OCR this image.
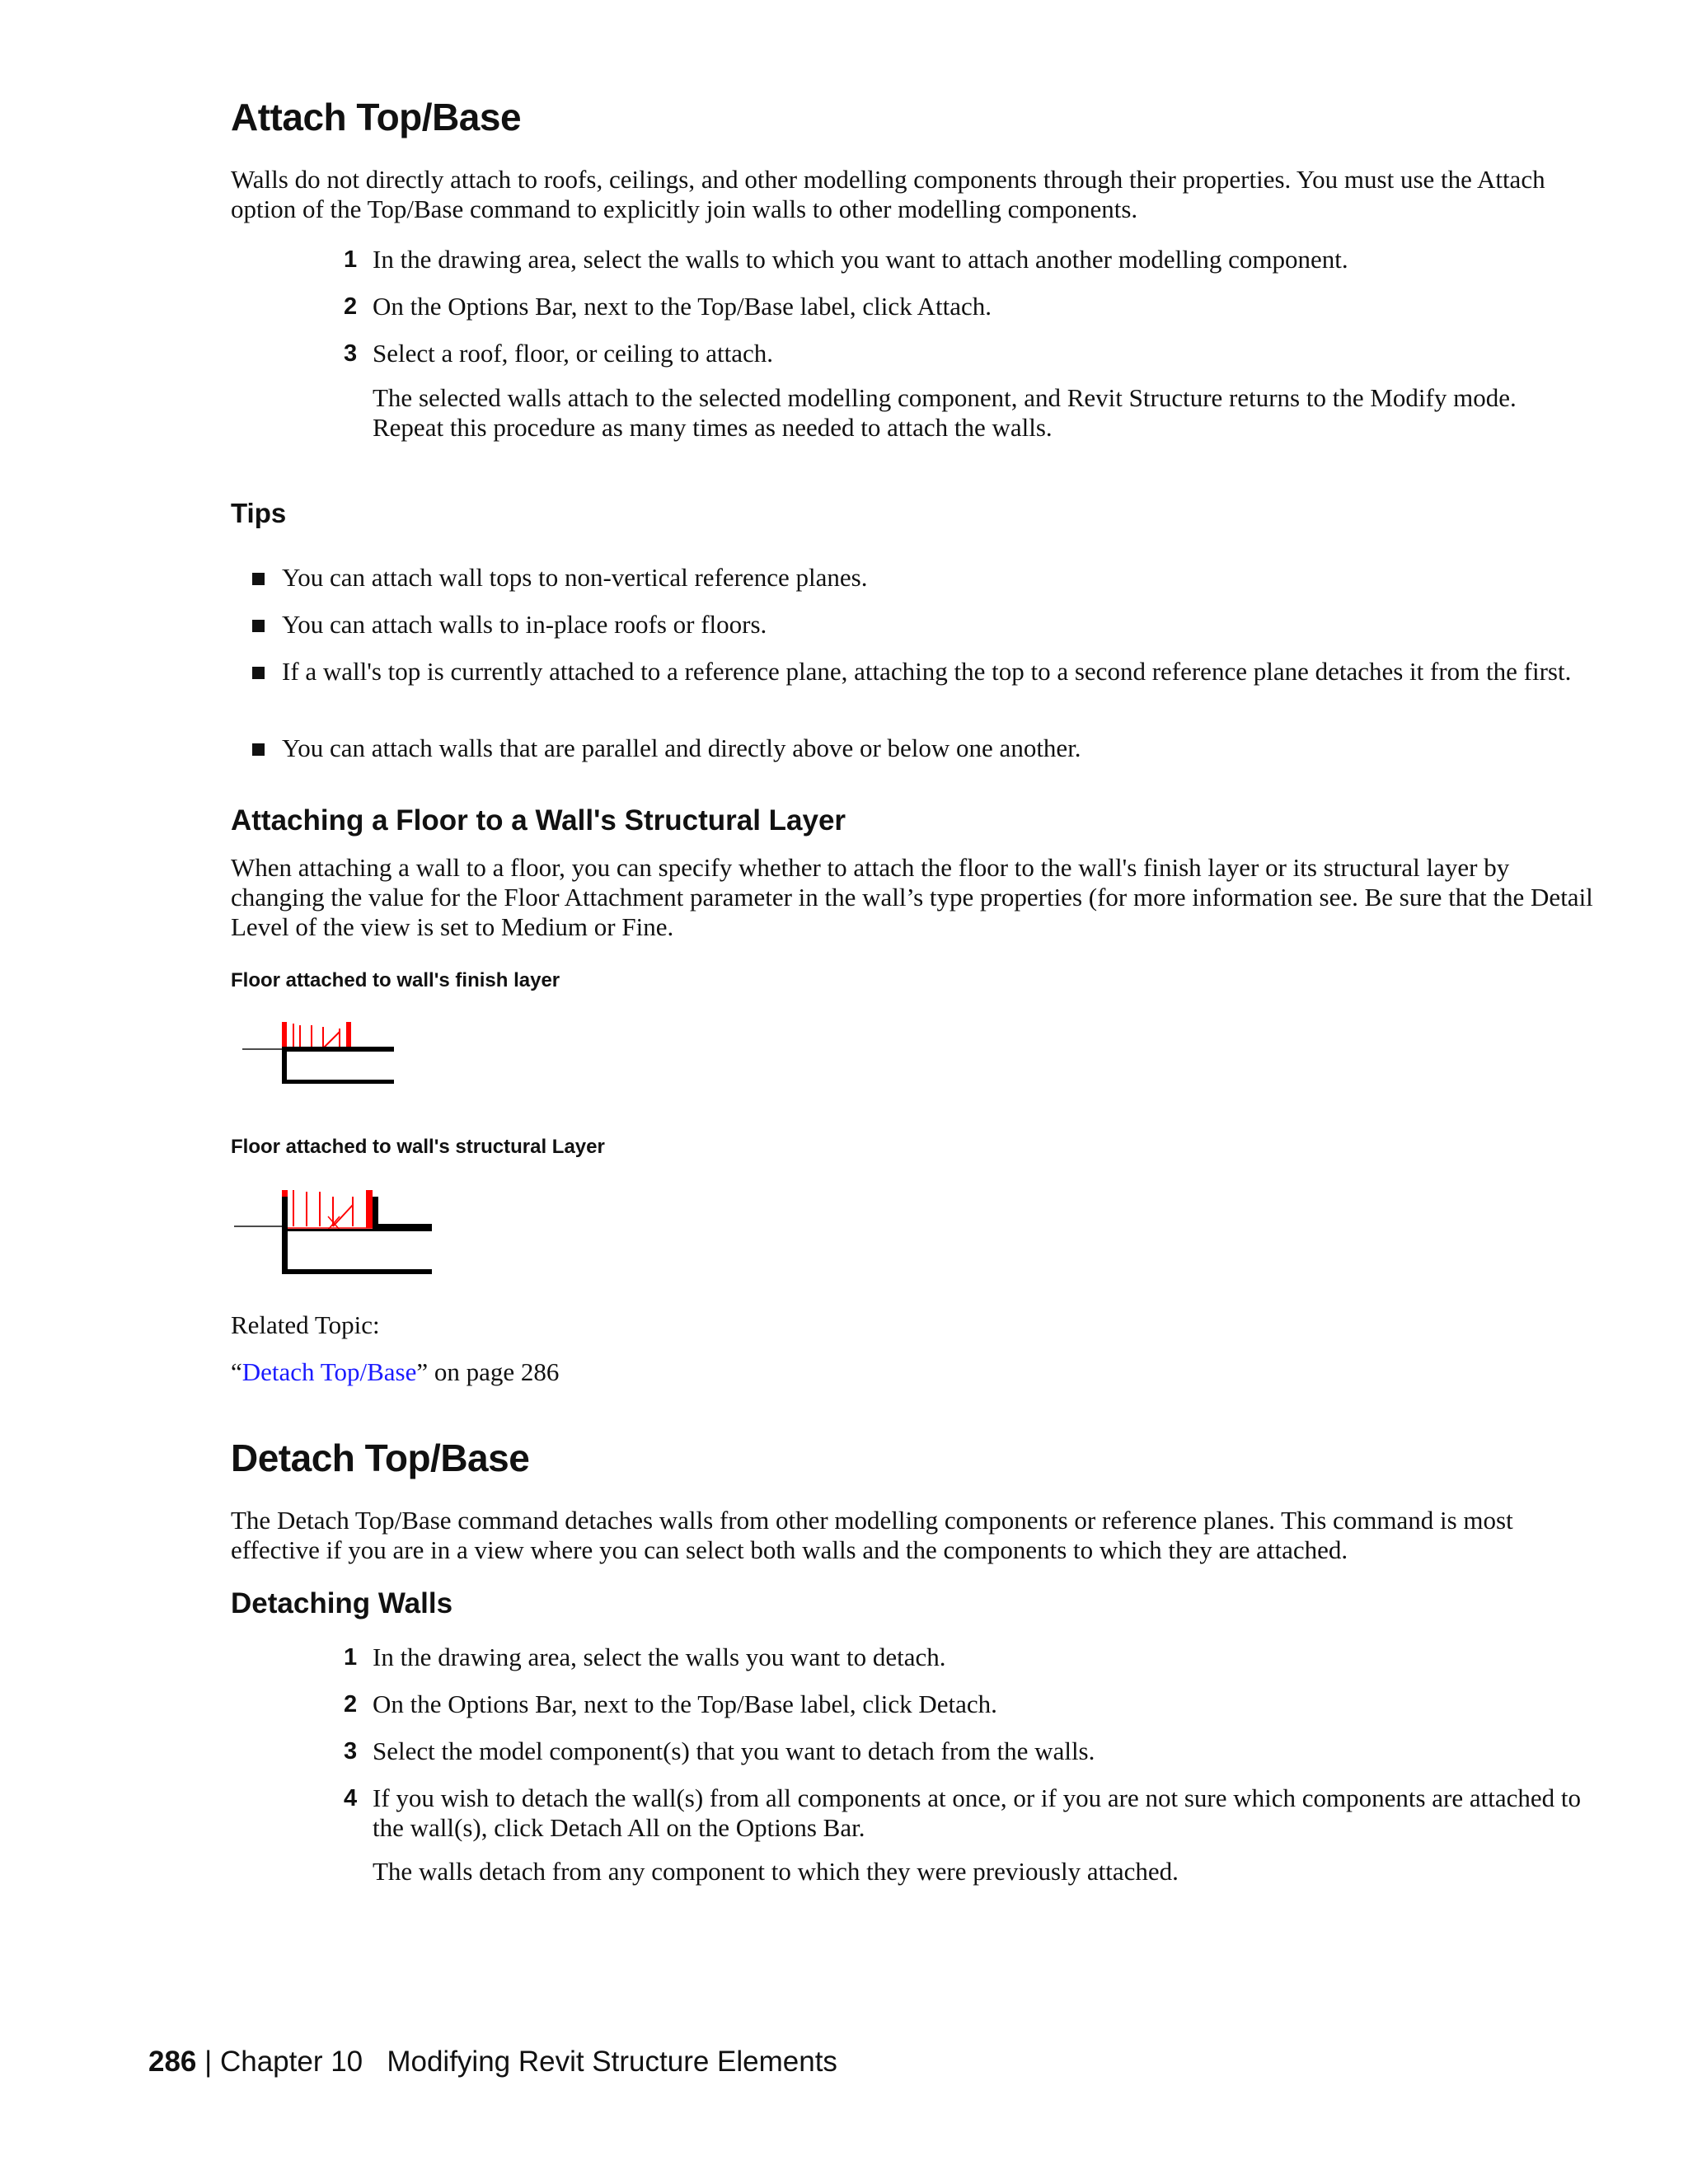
Attach Top/Base
Walls do not directly attach to roofs, ceilings, and other modelling components through their properties. You must use the Attach option of the Top/Base command to explicitly join walls to other modelling components.
1 In the drawing area, select the walls to which you want to attach another modelling component.
2 On the Options Bar, next to the Top/Base label, click Attach.
3 Select a roof, floor, or ceiling to attach.
The selected walls attach to the selected modelling component, and Revit Structure returns to the Modify mode. Repeat this procedure as many times as needed to attach the walls.
Tips
You can attach wall tops to non-vertical reference planes.
You can attach walls to in-place roofs or floors.
If a wall's top is currently attached to a reference plane, attaching the top to a second reference plane detaches it from the first.
You can attach walls that are parallel and directly above or below one another.
Attaching a Floor to a Wall's Structural Layer
When attaching a wall to a floor, you can specify whether to attach the floor to the wall's finish layer or its structural layer by changing the value for the Floor Attachment parameter in the wall’s type properties (for more information see. Be sure that the Detail Level of the view is set to Medium or Fine.
Floor attached to wall's finish layer
Floor attached to wall's structural Layer
Related Topic:
“Detach Top/Base” on page 286
Detach Top/Base
The Detach Top/Base command detaches walls from other modelling components or reference planes. This command is most effective if you are in a view where you can select both walls and the components to which they are attached.
Detaching Walls
1 In the drawing area, select the walls you want to detach.
2 On the Options Bar, next to the Top/Base label, click Detach.
3 Select the model component(s) that you want to detach from the walls.
4 If you wish to detach the wall(s) from all components at once, or if you are not sure which components are attached to the wall(s), click Detach All on the Options Bar.
The walls detach from any component to which they were previously attached.
286 | Chapter 10 Modifying Revit Structure Elements
